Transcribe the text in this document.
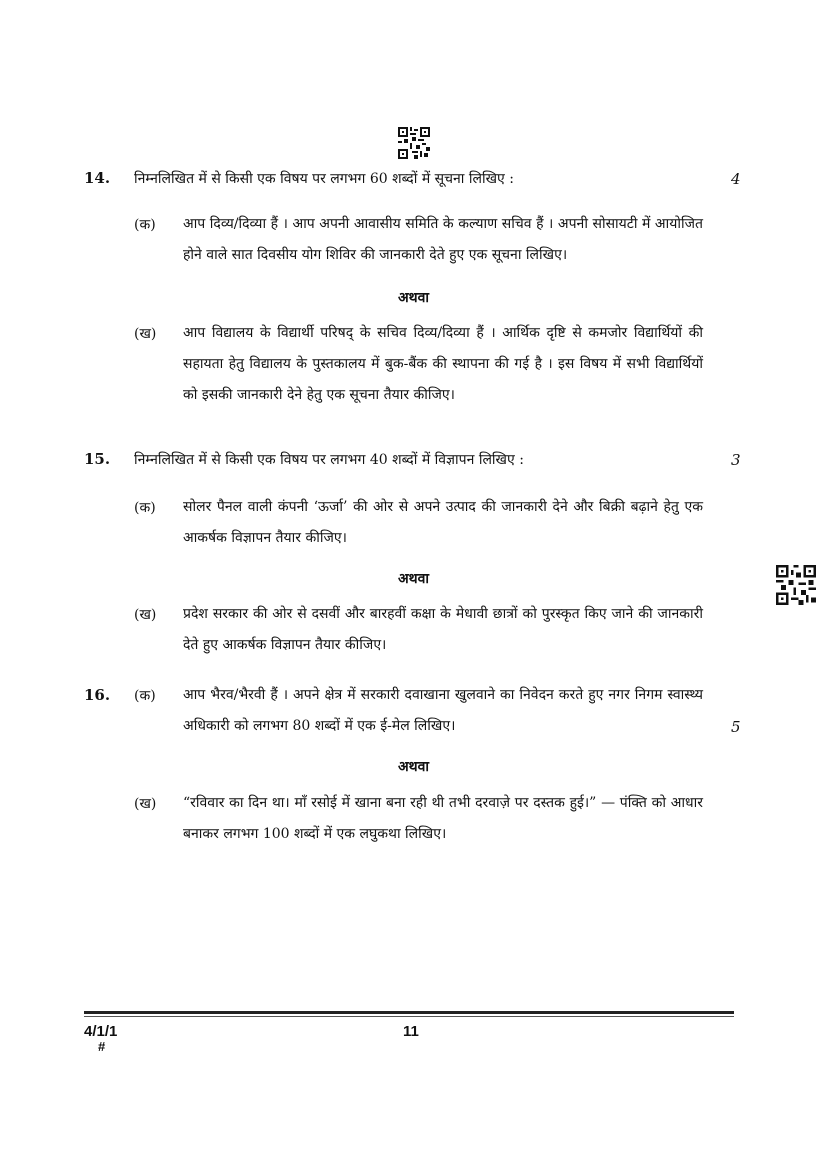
14. निम्नलिखित में से किसी एक विषय पर लगभग 60 शब्दों में सूचना लिखिए :	4
(क) आप दिव्य/दिव्या हैं । आप अपनी आवासीय समिति के कल्याण सचिव हैं । अपनी सोसायटी में आयोजित होने वाले सात दिवसीय योग शिविर की जानकारी देते हुए एक सूचना लिखिए।
अथवा
(ख) आप विद्यालय के विद्यार्थी परिषद् के सचिव दिव्य/दिव्या हैं । आर्थिक दृष्टि से कमजोर विद्यार्थियों की सहायता हेतु विद्यालय के पुस्तकालय में बुक-बैंक की स्थापना की गई है । इस विषय में सभी विद्यार्थियों को इसकी जानकारी देने हेतु एक सूचना तैयार कीजिए।
15. निम्नलिखित में से किसी एक विषय पर लगभग 40 शब्दों में विज्ञापन लिखिए :	3
(क) सोलर पैनल वाली कंपनी ‘ऊर्जा’ की ओर से अपने उत्पाद की जानकारी देने और बिक्री बढ़ाने हेतु एक आकर्षक विज्ञापन तैयार कीजिए।
अथवा
(ख) प्रदेश सरकार की ओर से दसवीं और बारहवीं कक्षा के मेधावी छात्रों को पुरस्कृत किए जाने की जानकारी देते हुए आकर्षक विज्ञापन तैयार कीजिए।
16. (क) आप भैरव/भैरवी हैं । अपने क्षेत्र में सरकारी दवाखाना खुलवाने का निवेदन करते हुए नगर निगम स्वास्थ्य अधिकारी को लगभग 80 शब्दों में एक ई-मेल लिखिए।	5
अथवा
(ख) “रविवार का दिन था। माँ रसोई में खाना बना रही थी तभी दरवाज़े पर दस्तक हुई।” — पंक्ति को आधार बनाकर लगभग 100 शब्दों में एक लघुकथा लिखिए।
4/1/1
#
11
